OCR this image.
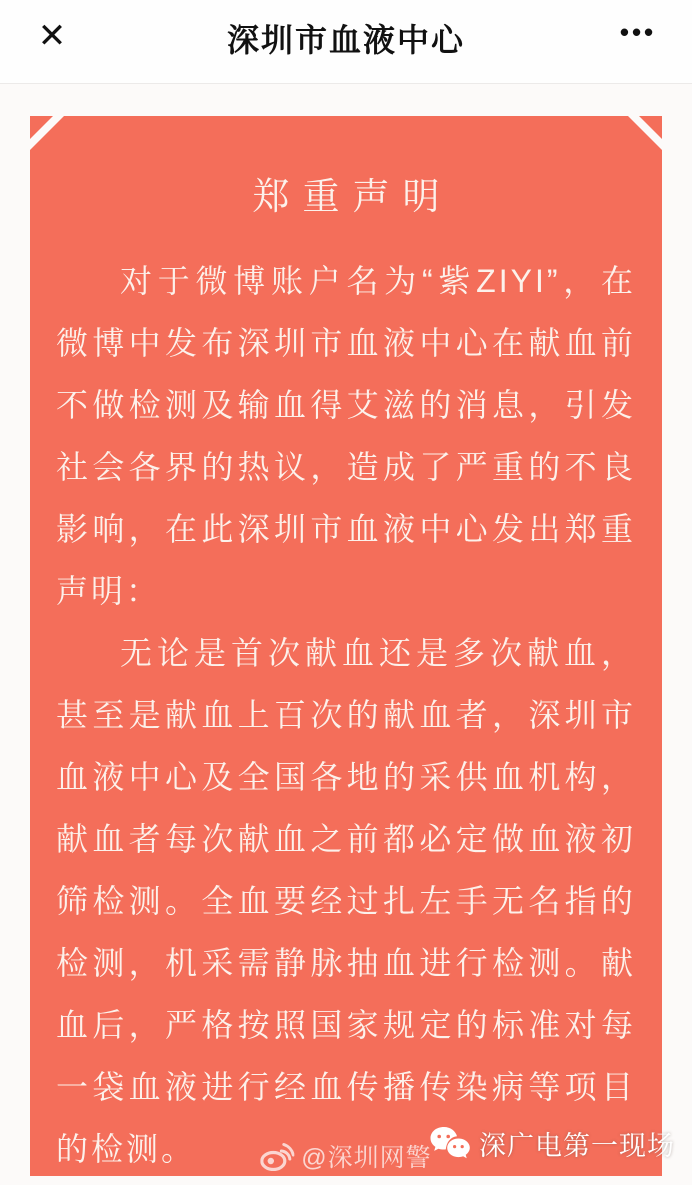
✕	深圳市血液中心	•••
郑重声明

对于微博账户名为“紫ZIYI”，在微博中发布深圳市血液中心在献血前不做检测及输血得艾滋的消息，引发社会各界的热议，造成了严重的不良影响，在此深圳市血液中心发出郑重声明：

无论是首次献血还是多次献血，甚至是献血上百次的献血者，深圳市血液中心及全国各地的采供血机构，献血者每次献血之前都必定做血液初筛检测。全血要经过扎左手无名指的检测，机采需静脉抽血进行检测。献血后，严格按照国家规定的标准对每一袋血液进行经血传播传染病等项目的检测。	@深圳网警 深广电第一现场
